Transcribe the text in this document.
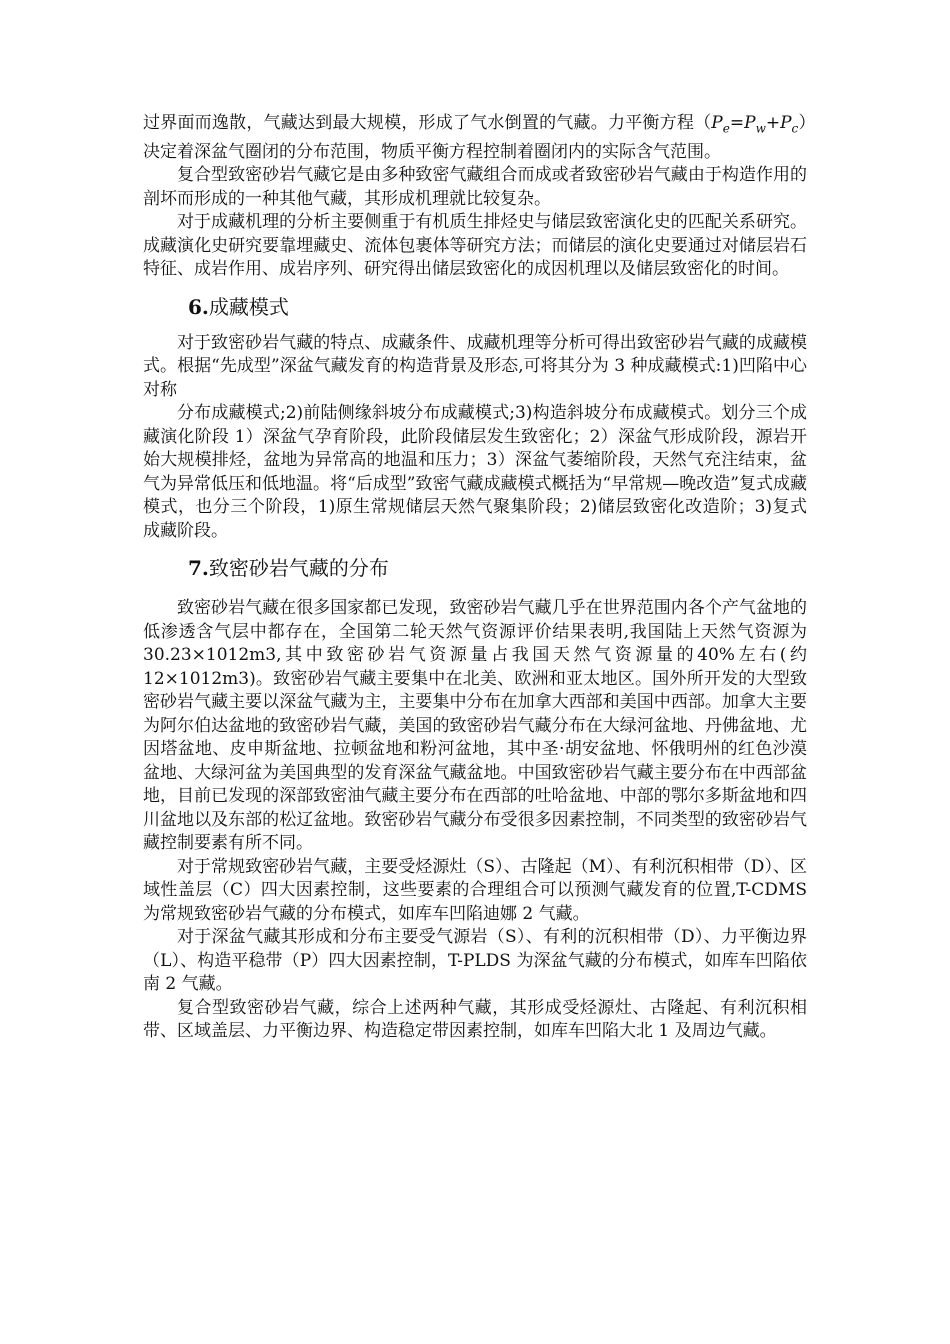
过界面而逸散，气藏达到最大规模，形成了气水倒置的气藏。力平衡方程$(P_e=P_w+P_c)$决定着深盆气圈闭的分布范围，物质平衡方程控制着圈闭内的实际含气范围。

复合型致密砂岩气藏它是由多种致密气藏组合而成或者致密砂岩气藏由于构造作用的剖坏而形成的一种其他气藏，其形成机理就比较复杂。

对于成藏机理的分析主要侧重于有机质生排烃史与储层致密演化史的匹配关系研究。成藏演化史研究要靠埋藏史、流体包裹体等研究方法；而储层的演化史要通过对储层岩石特征、成岩作用、成岩序列、研究得出储层致密化的成因机理以及储层致密化的时间。

6.成藏模式

对于致密砂岩气藏的特点、成藏条件、成藏机理等分析可得出致密砂岩气藏的成藏模式。根据“先成型”深盆气藏发育的构造背景及形态,可将其分为 3 种成藏模式:1)凹陷中心对称

分布成藏模式;2)前陆侧缘斜坡分布成藏模式;3)构造斜坡分布成藏模式。划分三个成藏演化阶段 1）深盆气孕育阶段，此阶段储层发生致密化；2）深盆气形成阶段，源岩开始大规模排烃，盆地为异常高的地温和压力；3）深盆气萎缩阶段，天然气充注结束，盆气为异常低压和低地温。将“后成型”致密气藏成藏模式概括为“早常规—晚改造”复式成藏模式，也分三个阶段，1)原生常规储层天然气聚集阶段；2)储层致密化改造阶；3)复式成藏阶段。

7.致密砂岩气藏的分布

致密砂岩气藏在很多国家都已发现，致密砂岩气藏几乎在世界范围内各个产气盆地的低渗透含气层中都存在，全国第二轮天然气资源评价结果表明,我国陆上天然气资源为 30.23×1012m3,其中致密砂岩气资源量占我国天然气资源量的40%左右(约 12×1012m3)。致密砂岩气藏主要集中在北美、欧洲和亚太地区。国外所开发的大型致密砂岩气藏主要以深盆气藏为主，主要集中分布在加拿大西部和美国中西部。加拿大主要为阿尔伯达盆地的致密砂岩气藏，美国的致密砂岩气藏分布在大绿河盆地、丹佛盆地、尤因塔盆地、皮申斯盆地、拉顿盆地和粉河盆地，其中圣·胡安盆地、怀俄明州的红色沙漠盆地、大绿河盆为美国典型的发育深盆气藏盆地。中国致密砂岩气藏主要分布在中西部盆地，目前已发现的深部致密油气藏主要分布在西部的吐哈盆地、中部的鄂尔多斯盆地和四川盆地以及东部的松辽盆地。致密砂岩气藏分布受很多因素控制，不同类型的致密砂岩气藏控制要素有所不同。

对于常规致密砂岩气藏，主要受烃源灶（S）、古隆起（M）、有利沉积相带（D）、区域性盖层（C）四大因素控制，这些要素的合理组合可以预测气藏发育的位置,T-CDMS 为常规致密砂岩气藏的分布模式，如库车凹陷迪娜 2 气藏。

对于深盆气藏其形成和分布主要受气源岩（S）、有利的沉积相带（D）、力平衡边界（L）、构造平稳带（P）四大因素控制，T-PLDS 为深盆气藏的分布模式，如库车凹陷依南 2 气藏。

复合型致密砂岩气藏，综合上述两种气藏，其形成受烃源灶、古隆起、有利沉积相带、区域盖层、力平衡边界、构造稳定带因素控制，如库车凹陷大北 1 及周边气藏。
